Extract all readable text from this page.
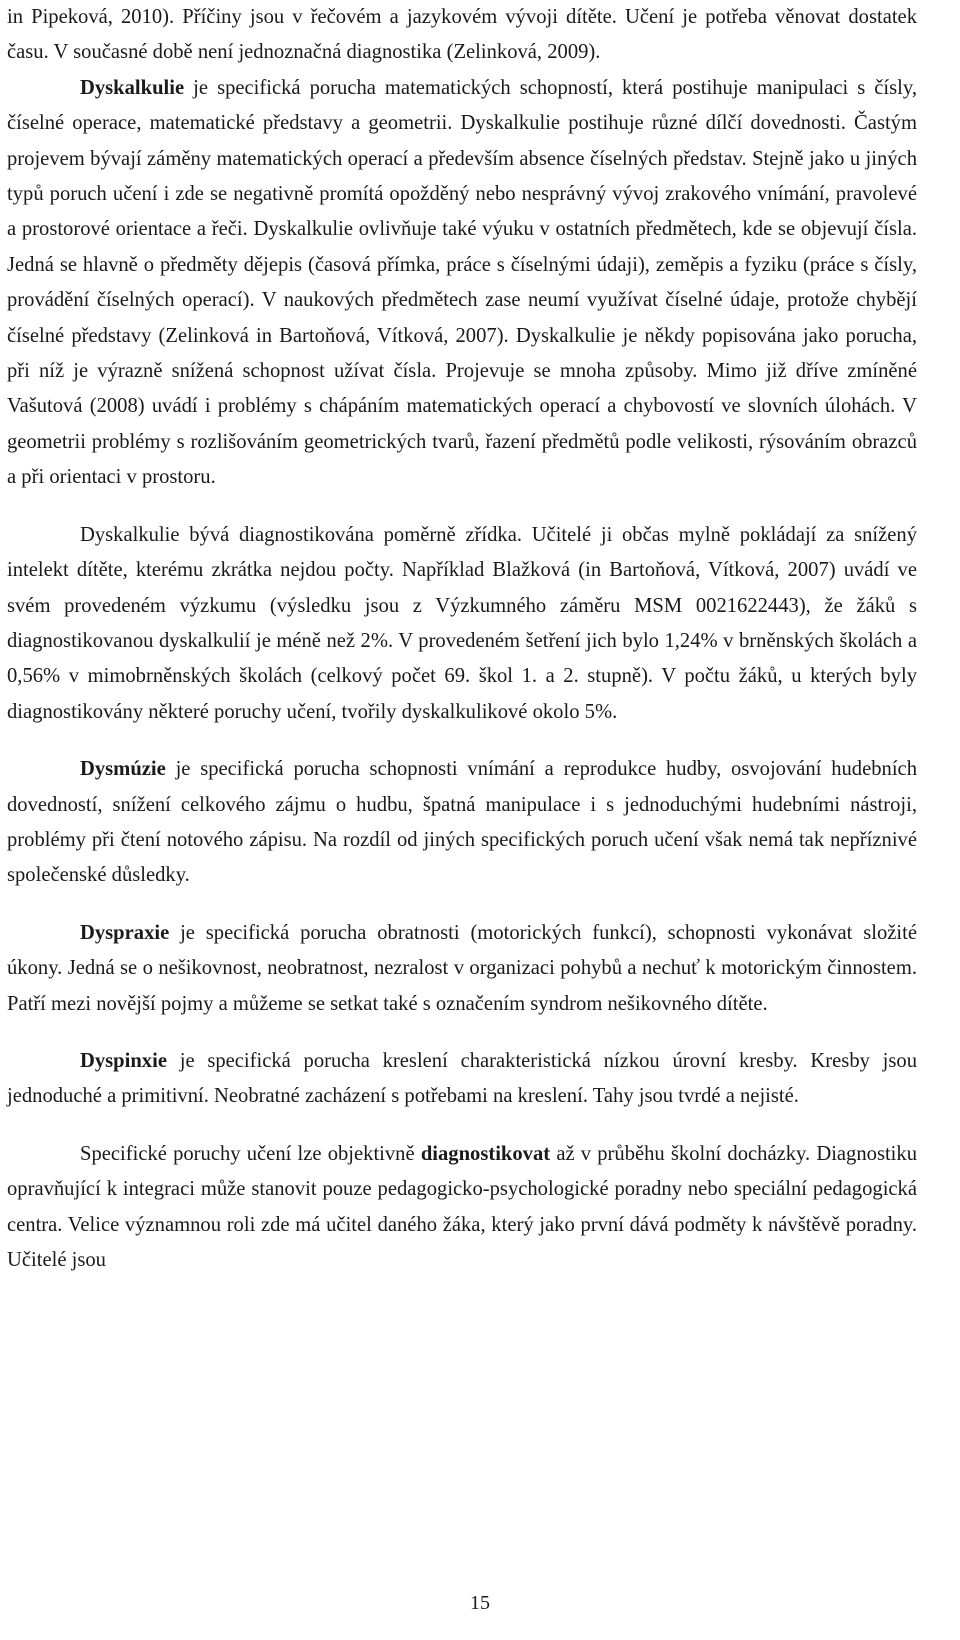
in Pipeková, 2010). Příčiny jsou v řečovém a jazykovém vývoji dítěte. Učení je potřeba věnovat dostatek času. V současné době není jednoznačná diagnostika (Zelinková, 2009).

Dyskalkulie je specifická porucha matematických schopností, která postihuje manipulaci s čísly, číselné operace, matematické představy a geometrii. Dyskalkulie postihuje různé dílčí dovednosti. Častým projevem bývají záměny matematických operací a především absence číselných představ. Stejně jako u jiných typů poruch učení i zde se negativně promítá opožděný nebo nesprávný vývoj zrakového vnímání, pravolevé a prostorové orientace a řeči. Dyskalkulie ovlivňuje také výuku v ostatních předmětech, kde se objevují čísla. Jedná se hlavně o předměty dějepis (časová přímka, práce s číselnými údaji), zeměpis a fyziku (práce s čísly, provádění číselných operací). V naukových předmětech zase neumí využívat číselné údaje, protože chybějí číselné představy (Zelinková in Bartoňová, Vítková, 2007). Dyskalkulie je někdy popisována jako porucha, při níž je výrazně snížená schopnost užívat čísla. Projevuje se mnoha způsoby. Mimo již dříve zmíněné Vašutová (2008) uvádí i problémy s chápáním matematických operací a chybovostí ve slovních úlohách. V geometrii problémy s rozlišováním geometrických tvarů, řazení předmětů podle velikosti, rýsováním obrazců a při orientaci v prostoru.

Dyskalkulie bývá diagnostikována poměrně zřídka. Učitelé ji občas mylně pokládají za snížený intelekt dítěte, kterému zkrátka nejdou počty. Například Blažková (in Bartoňová, Vítková, 2007) uvádí ve svém provedeném výzkumu (výsledku jsou z Výzkumného záměru MSM 0021622443), že žáků s diagnostikovanou dyskalkulií je méně než 2%. V provedeném šetření jich bylo 1,24% v brněnských školách a 0,56% v mimobrněnských školách (celkový počet 69. škol 1. a 2. stupně). V počtu žáků, u kterých byly diagnostikovány některé poruchy učení, tvořily dyskalkulikové okolo 5%.

Dysmúzie je specifická porucha schopnosti vnímání a reprodukce hudby, osvojování hudebních dovedností, snížení celkového zájmu o hudbu, špatná manipulace i s jednoduchými hudebními nástroji, problémy při čtení notového zápisu. Na rozdíl od jiných specifických poruch učení však nemá tak nepříznivé společenské důsledky.

Dyspraxie je specifická porucha obratnosti (motorických funkcí), schopnosti vykonávat složité úkony. Jedná se o nešikovnost, neobratnost, nezralost v organizaci pohybů a nechuť k motorickým činnostem. Patří mezi novější pojmy a můžeme se setkat také s označením syndrom nešikovného dítěte.

Dyspinxie je specifická porucha kreslení charakteristická nízkou úrovní kresby. Kresby jsou jednoduché a primitivní. Neobratné zacházení s potřebami na kreslení. Tahy jsou tvrdé a nejisté.

Specifické poruchy učení lze objektivně diagnostikovat až v průběhu školní docházky. Diagnostiku opravňující k integraci může stanovit pouze pedagogicko-psychologické poradny nebo speciální pedagogická centra. Velice významnou roli zde má učitel daného žáka, který jako první dává podměty k návštěvě poradny. Učitelé jsou

15
